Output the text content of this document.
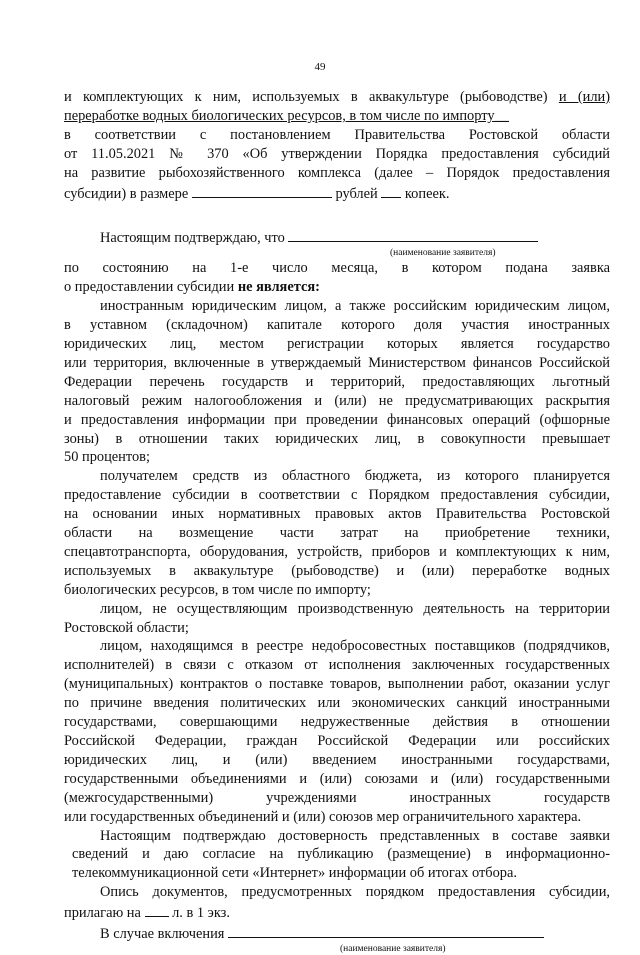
49
и комплектующих к ним, используемых в аквакультуре (рыбоводстве) и (или)
переработке водных биологических ресурсов, в том числе по импорту__
в соответствии с постановлением Правительства Ростовской области
от 11.05.2021 № 370 «Об утверждении Порядка предоставления субсидий
на развитие рыбохозяйственного комплекса (далее – Порядок предоставления
субсидии) в размере	рублей  копеек.
Настоящим подтверждаю, что
(наименование заявителя)
по состоянию на 1-е число месяца, в котором подана заявка
о предоставлении субсидии не является:
иностранным юридическим лицом, а также российским юридическим лицом,
в уставном (складочном) капитале которого доля участия иностранных
юридических лиц, местом регистрации которых является государство
или территория, включенные в утверждаемый Министерством финансов Российской
Федерации перечень государств и территорий, предоставляющих льготный
налоговый режим налогообложения и (или) не предусматривающих раскрытия
и предоставления информации при проведении финансовых операций (офшорные
зоны) в отношении таких юридических лиц, в совокупности превышает
50 процентов;
получателем средств из областного бюджета, из которого планируется
предоставление субсидии в соответствии с Порядком предоставления субсидии,
на основании иных нормативных правовых актов Правительства Ростовской
области на возмещение части затрат на приобретение техники,
спецавтотранспорта, оборудования, устройств, приборов и комплектующих к ним,
используемых в аквакультуре (рыбоводстве) и (или) переработке водных
биологических ресурсов, в том числе по импорту;
лицом, не осуществляющим производственную деятельность на территории
Ростовской области;
лицом, находящимся в реестре недобросовестных поставщиков (подрядчиков,
исполнителей) в связи с отказом от исполнения заключенных государственных
(муниципальных) контрактов о поставке товаров, выполнении работ, оказании услуг
по причине введения политических или экономических санкций иностранными
государствами, совершающими недружественные действия в отношении
Российской Федерации, граждан Российской Федерации или российских
юридических лиц, и (или) введением иностранными государствами,
государственными объединениями и (или) союзами и (или) государственными
(межгосударственными) учреждениями иностранных государств
или государственных объединений и (или) союзов мер ограничительного характера.
Настоящим подтверждаю достоверность представленных в составе заявки
сведений и даю согласие на публикацию (размещение) в информационно-
телекоммуникационной сети «Интернет» информации об итогах отбора.
Опись документов, предусмотренных порядком предоставления субсидии,
прилагаю на  л. в 1 экз.
В случае включения
(наименование заявителя)
